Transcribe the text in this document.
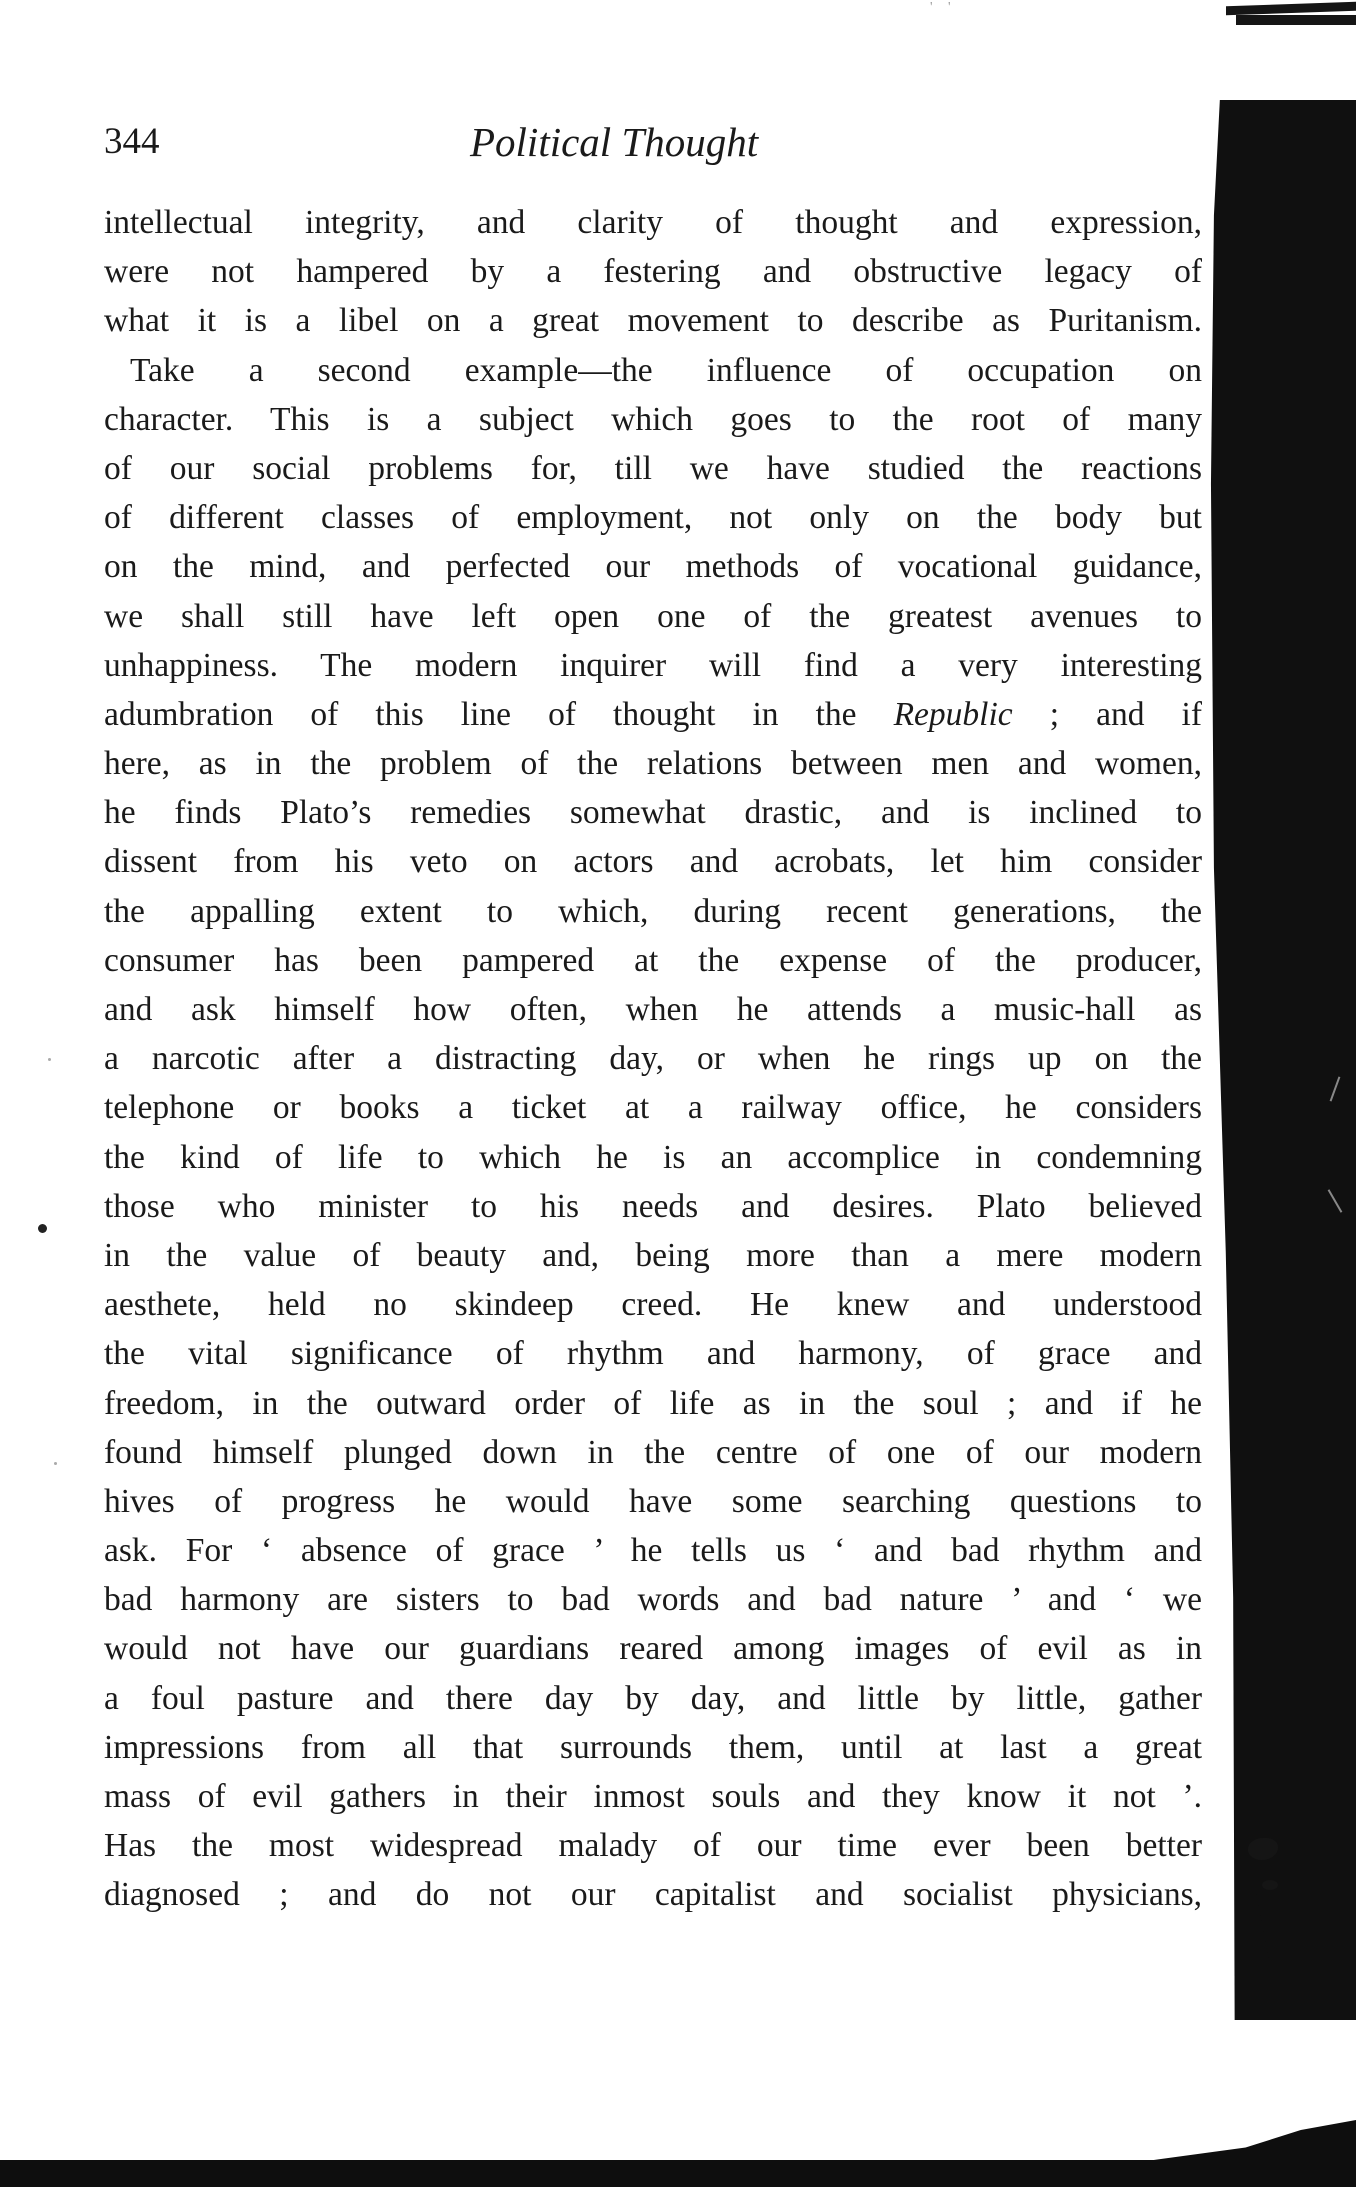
' '
344	Political Thought
intellectual integrity, and clarity of thought and expression,
were not hampered by a festering and obstructive legacy of
what it is a libel on a great movement to describe as Puritanism.
Take a second example—the influence of occupation on
character. This is a subject which goes to the root of many
of our social problems for, till we have studied the reactions
of different classes of employment, not only on the body but
on the mind, and perfected our methods of vocational guidance,
we shall still have left open one of the greatest avenues to
unhappiness. The modern inquirer will find a very interesting
adumbration of this line of thought in the Republic ; and if
here, as in the problem of the relations between men and women,
he finds Plato’s remedies somewhat drastic, and is inclined to
dissent from his veto on actors and acrobats, let him consider
the appalling extent to which, during recent generations, the
consumer has been pampered at the expense of the producer,
and ask himself how often, when he attends a music-hall as
a narcotic after a distracting day, or when he rings up on the
telephone or books a ticket at a railway office, he considers
the kind of life to which he is an accomplice in condemning
those who minister to his needs and desires. Plato believed
in the value of beauty and, being more than a mere modern
aesthete, held no skindeep creed. He knew and understood
the vital significance of rhythm and harmony, of grace and
freedom, in the outward order of life as in the soul ; and if he
found himself plunged down in the centre of one of our modern
hives of progress he would have some searching questions to
ask. For ‘ absence of grace ’ he tells us ‘ and bad rhythm and
bad harmony are sisters to bad words and bad nature ’ and ‘ we
would not have our guardians reared among images of evil as in
a foul pasture and there day by day, and little by little, gather
impressions from all that surrounds them, until at last a great
mass of evil gathers in their inmost souls and they know it not ’.
Has the most widespread malady of our time ever been better
diagnosed ; and do not our capitalist and socialist physicians,
